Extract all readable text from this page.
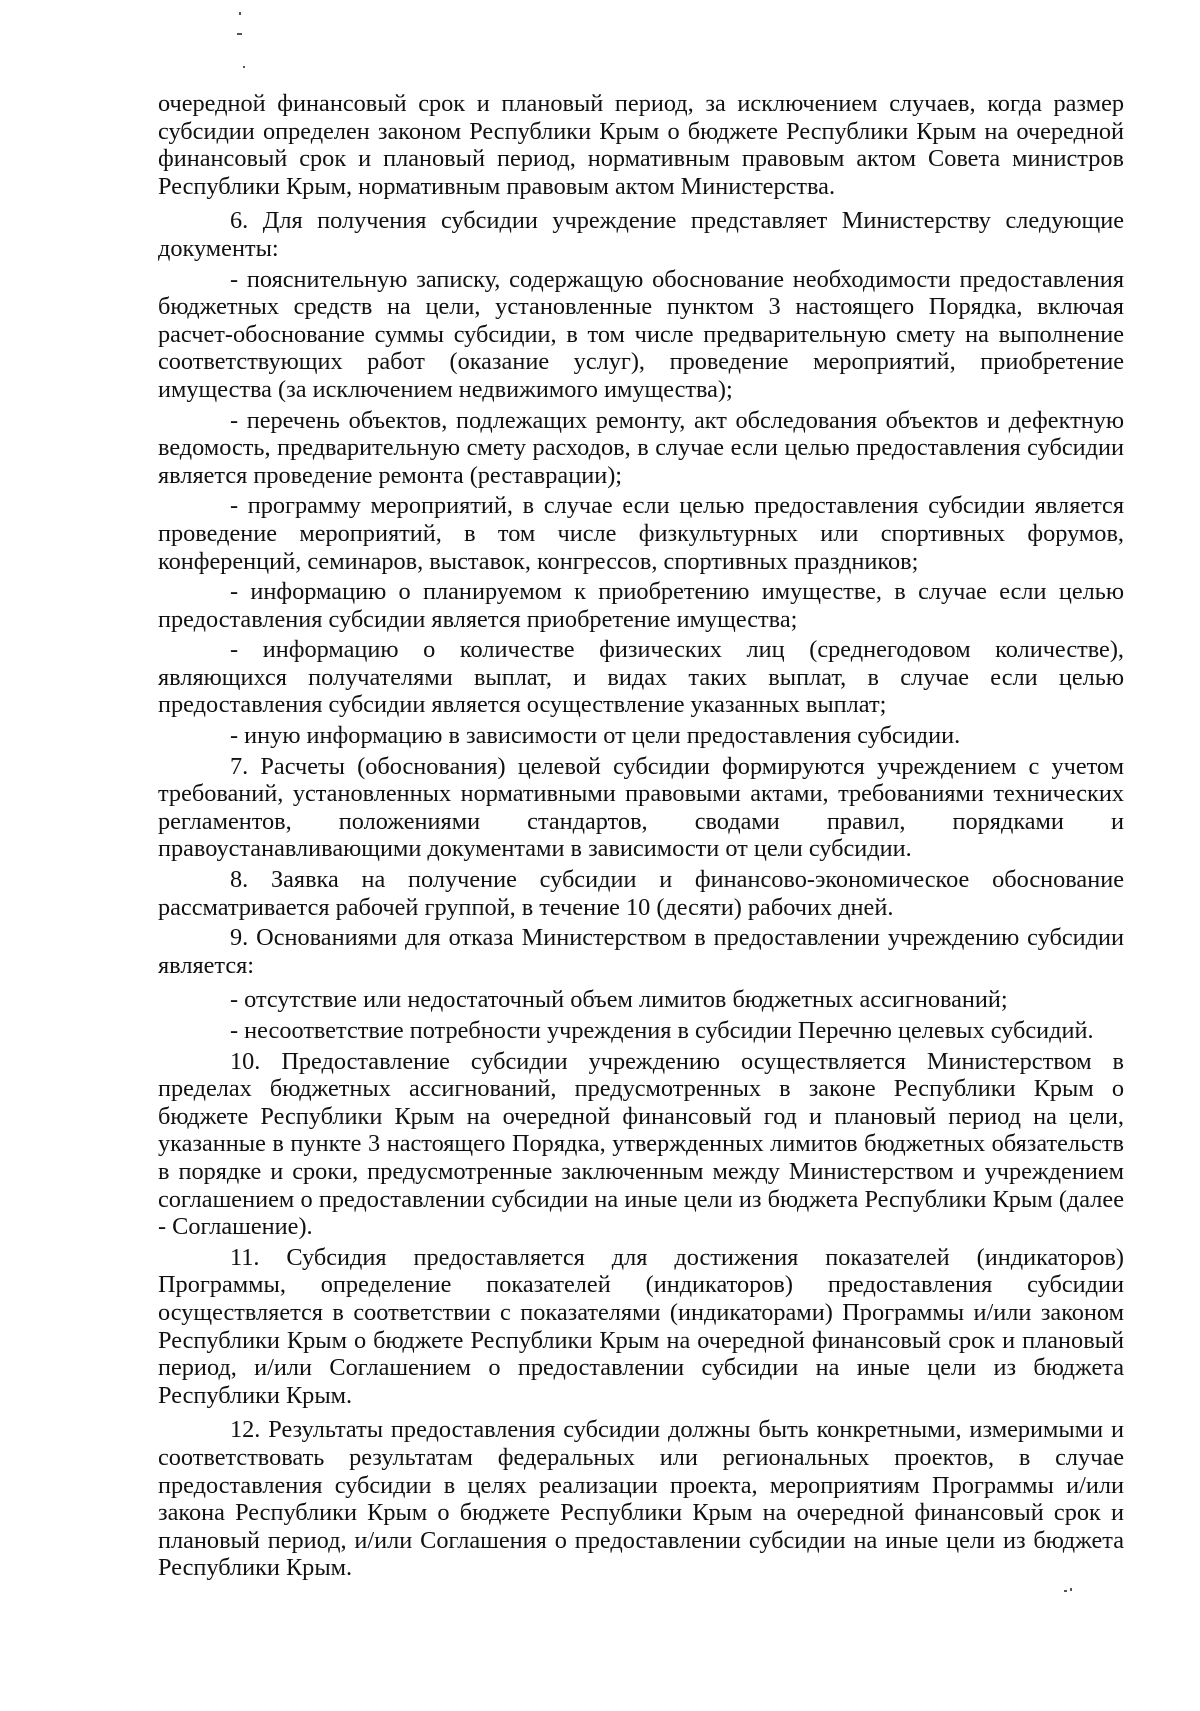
очередной финансовый срок и плановый период, за исключением случаев, когда размер субсидии определен законом Республики Крым о бюджете Республики Крым на очередной финансовый срок и плановый период, нормативным правовым актом Совета министров Республики Крым, нормативным правовым актом Министерства.

6. Для получения субсидии учреждение представляет Министерству следующие документы:

- пояснительную записку, содержащую обоснование необходимости предоставления бюджетных средств на цели, установленные пунктом 3 настоящего Порядка, включая расчет-обоснование суммы субсидии, в том числе предварительную смету на выполнение соответствующих работ (оказание услуг), проведение мероприятий, приобретение имущества (за исключением недвижимого имущества);

- перечень объектов, подлежащих ремонту, акт обследования объектов и дефектную ведомость, предварительную смету расходов, в случае если целью предоставления субсидии является проведение ремонта (реставрации);

- программу мероприятий, в случае если целью предоставления субсидии является проведение мероприятий, в том числе физкультурных или спортивных форумов, конференций, семинаров, выставок, конгрессов, спортивных праздников;

- информацию о планируемом к приобретению имуществе, в случае если целью предоставления субсидии является приобретение имущества;

- информацию о количестве физических лиц (среднегодовом количестве), являющихся получателями выплат, и видах таких выплат, в случае если целью предоставления субсидии является осуществление указанных выплат;

- иную информацию в зависимости от цели предоставления субсидии.

7. Расчеты (обоснования) целевой субсидии формируются учреждением с учетом требований, установленных нормативными правовыми актами, требованиями технических регламентов, положениями стандартов, сводами правил, порядками и правоустанавливающими документами в зависимости от цели субсидии.

8. Заявка на получение субсидии и финансово-экономическое обоснование рассматривается рабочей группой, в течение 10 (десяти) рабочих дней.

9. Основаниями для отказа Министерством в предоставлении учреждению субсидии является:

- отсутствие или недостаточный объем лимитов бюджетных ассигнований;

- несоответствие потребности учреждения в субсидии Перечню целевых субсидий.

10. Предоставление субсидии учреждению осуществляется Министерством в пределах бюджетных ассигнований, предусмотренных в законе Республики Крым о бюджете Республики Крым на очередной финансовый год и плановый период на цели, указанные в пункте 3 настоящего Порядка, утвержденных лимитов бюджетных обязательств в порядке и сроки, предусмотренные заключенным между Министерством и учреждением соглашением о предоставлении субсидии на иные цели из бюджета Республики Крым (далее - Соглашение).

11. Субсидия предоставляется для достижения показателей (индикаторов) Программы, определение показателей (индикаторов) предоставления субсидии осуществляется в соответствии с показателями (индикаторами) Программы и/или законом Республики Крым о бюджете Республики Крым на очередной финансовый срок и плановый период, и/или Соглашением о предоставлении субсидии на иные цели из бюджета Республики Крым.

12. Результаты предоставления субсидии должны быть конкретными, измеримыми и соответствовать результатам федеральных или региональных проектов, в случае предоставления субсидии в целях реализации проекта, мероприятиям Программы и/или закона Республики Крым о бюджете Республики Крым на очередной финансовый срок и плановый период, и/или Соглашения о предоставлении субсидии на иные цели из бюджета Республики Крым.
